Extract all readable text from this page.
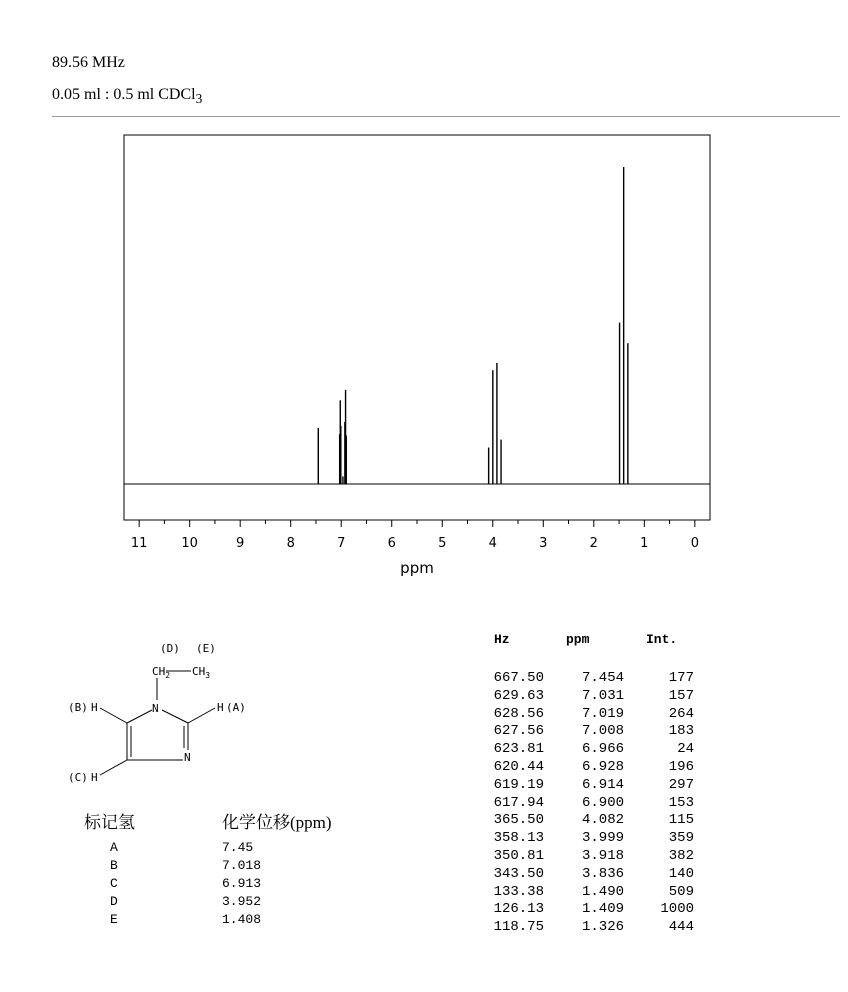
89.56 MHz
0.05 ml : 0.5 ml CDCl$_3$
11	10	9	8	7	6	5	4	3	2	1	0
ppm
(D) (E)
$CH_2$ $CH_3$
N
N
(B) H	H (A)
(C) H
标记氢	化学位移(ppm)
A	7.45
B	7.018
C	6.913
D	3.952
E	1.408
Hz	ppm	Int.
667.50	7.454	177
629.63	7.031	157
628.56	7.019	264
627.56	7.008	183
623.81	6.966	24
620.44	6.928	196
619.19	6.914	297
617.94	6.900	153
365.50	4.082	115
358.13	3.999	359
350.81	3.918	382
343.50	3.836	140
133.38	1.490	509
126.13	1.409	1000
118.75	1.326	444
